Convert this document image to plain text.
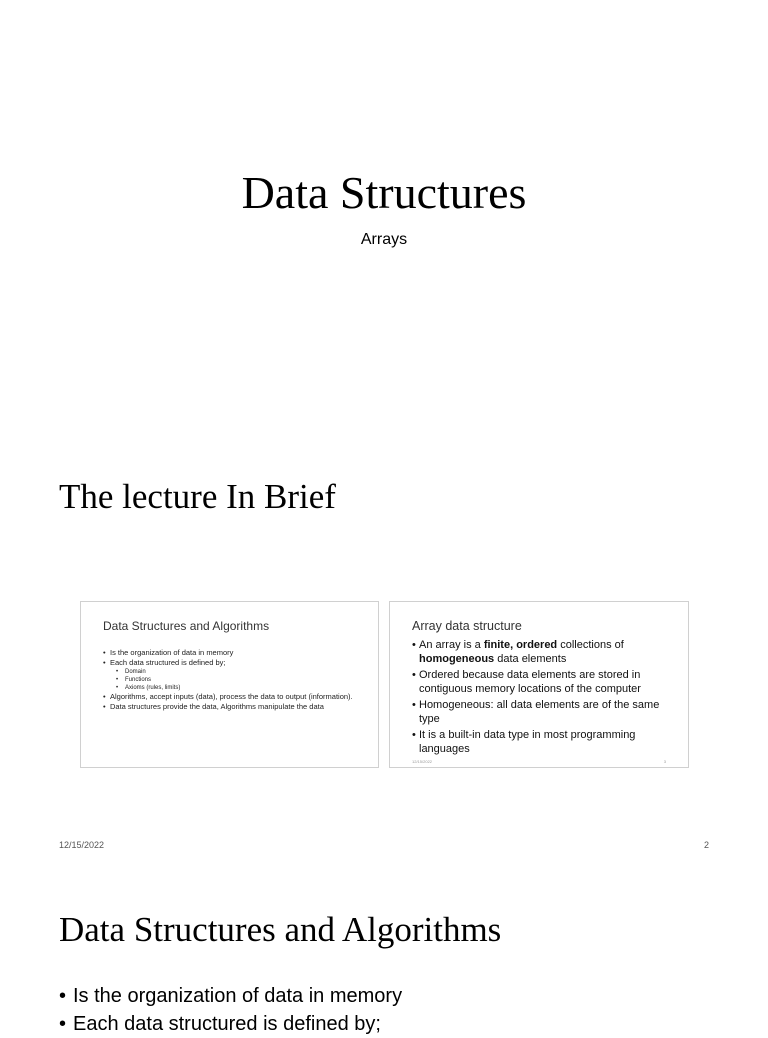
Data Structures
Arrays
The lecture In Brief
Data Structures and Algorithms
• Is the organization of data in memory
• Each data structured is defined by;
• Domain
• Functions
• Axioms (rules, limits)
• Algorithms, accept inputs (data), process the data to output (information).
• Data structures provide the data, Algorithms manipulate the data
Array data structure
• An array is a finite, ordered collections of homogeneous data elements
• Ordered because data elements are stored in contiguous memory locations of the computer
• Homogeneous: all data elements are of the same type
• It is a built-in data type in most programming languages
12/15/2022	3
12/15/2022	2
Data Structures and Algorithms
• Is the organization of data in memory
• Each data structured is defined by;
